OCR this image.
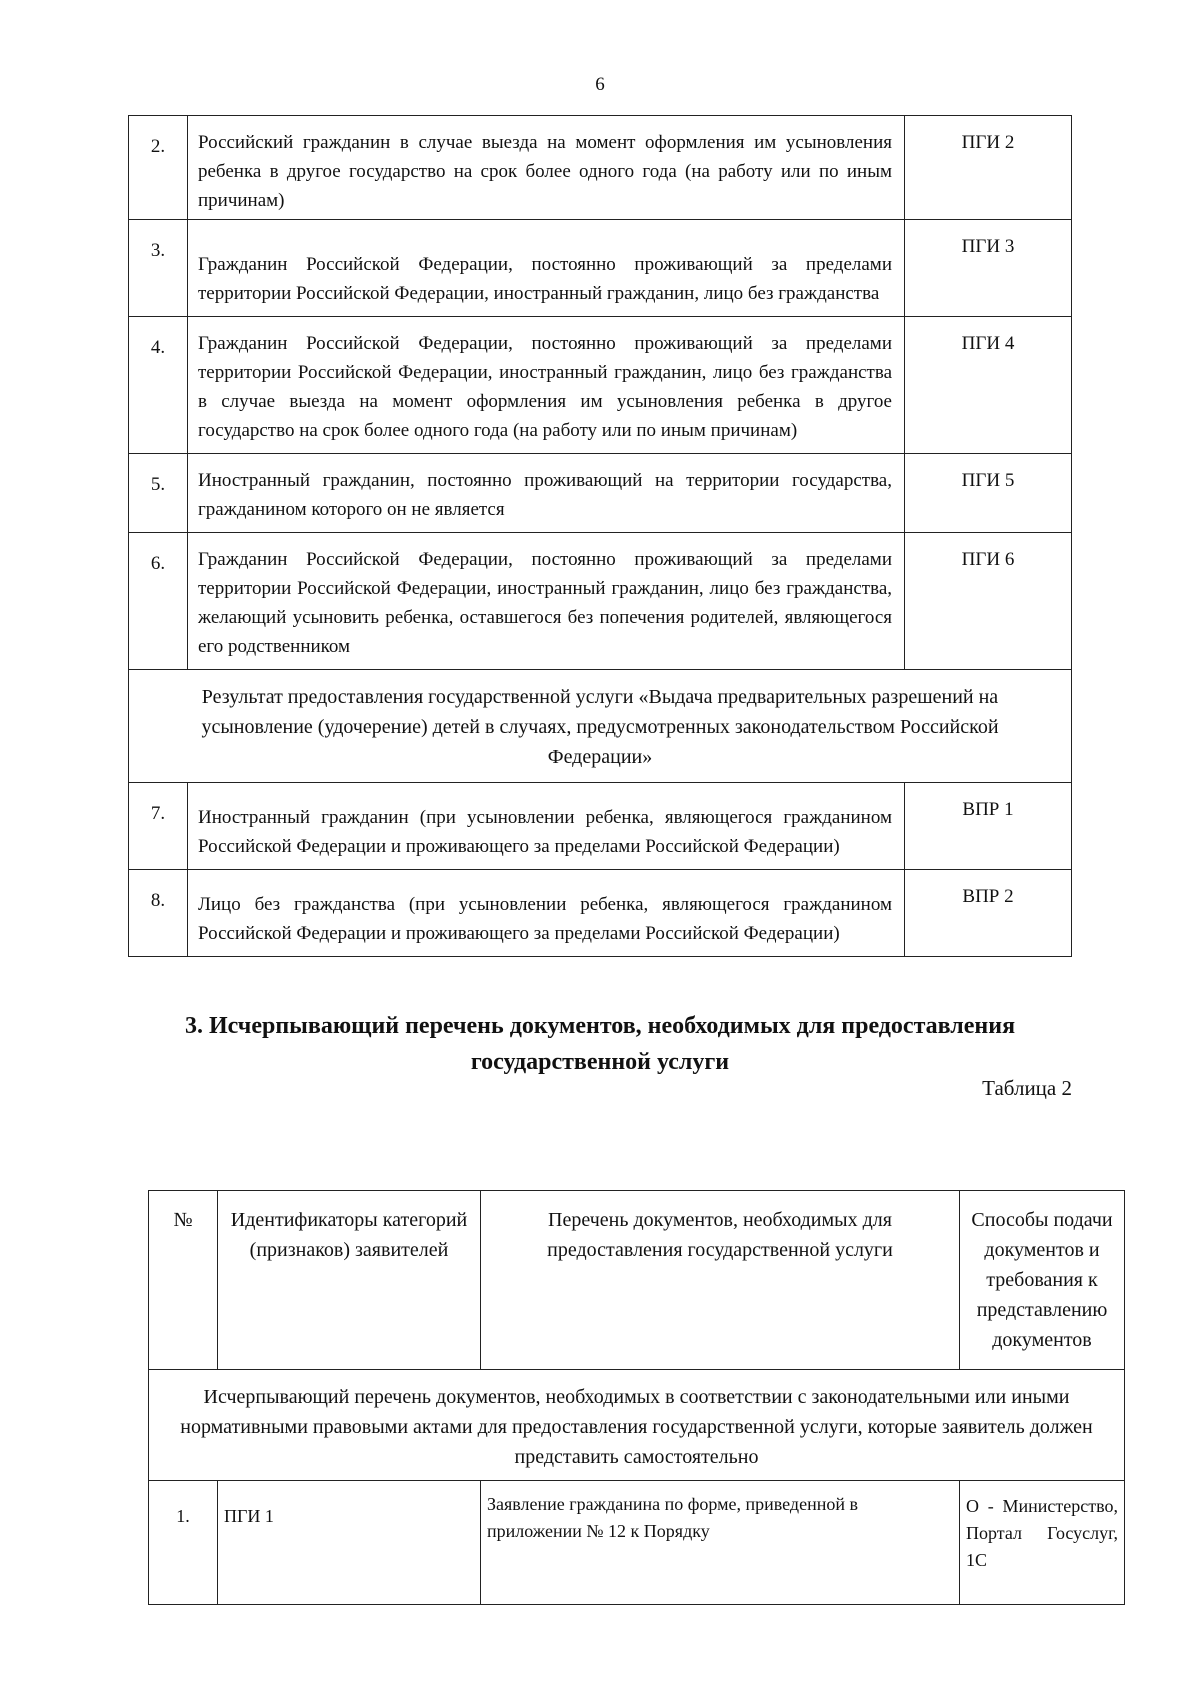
6
2.	Российский гражданин в случае выезда на момент оформления им усыновления ребенка в другое государство на срок более одного года (на работу или по иным причинам)	ПГИ 2
3.	Гражданин Российской Федерации, постоянно проживающий за пределами территории Российской Федерации, иностранный гражданин, лицо без гражданства	ПГИ 3
4.	Гражданин Российской Федерации, постоянно проживающий за пределами территории Российской Федерации, иностранный гражданин, лицо без гражданства в случае выезда на момент оформления им усыновления ребенка в другое государство на срок более одного года (на работу или по иным причинам)	ПГИ 4
5.	Иностранный гражданин, постоянно проживающий на территории государства, гражданином которого он не является	ПГИ 5
6.	Гражданин Российской Федерации, постоянно проживающий за пределами территории Российской Федерации, иностранный гражданин, лицо без гражданства, желающий усыновить ребенка, оставшегося без попечения родителей, являющегося его родственником	ПГИ 6
Результат предоставления государственной услуги «Выдача предварительных разрешений на усыновление (удочерение) детей в случаях, предусмотренных законодательством Российской Федерации»		
7.	Иностранный гражданин (при усыновлении ребенка, являющегося гражданином Российской Федерации и проживающего за пределами Российской Федерации)	ВПР 1
8.	Лицо без гражданства (при усыновлении ребенка, являющегося гражданином Российской Федерации и проживающего за пределами Российской Федерации)	ВПР 2
3. Исчерпывающий перечень документов, необходимых для предоставления государственной услуги
Таблица 2
№	Идентификаторы категорий (признаков) заявителей	Перечень документов, необходимых для предоставления государственной услуги	Способы подачи документов и требования к представлению документов
Исчерпывающий перечень документов, необходимых в соответствии с законодательными или иными нормативными правовыми актами для предоставления государственной услуги, которые заявитель должен представить самостоятельно			
1.	ПГИ 1	Заявление гражданина по форме, приведенной в приложении № 12 к Порядку	О - Министерство, Портал Госуслуг, 1С
